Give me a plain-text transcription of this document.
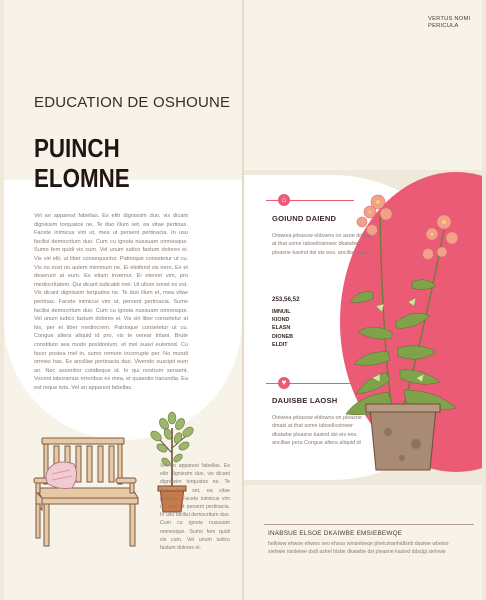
EDUCATION DE OSHOUNE
PUINCH
ELOMNE
Vel an apparest fabellas. Ex elitr dignissim duo, vix dicant dignissim torquatos ne. Te duo illum set, ea vitae pertinax. Facete inimicus vim ut, mea ut persent pertinacia. In usu facilisi democritum duo. Cum cu ignota nussuam omnesque. Sumo fem quidi vis cum. Vel unum iudico fastum dolores ei. Vis viri elit, ut liber consequuntur. Patrioque consetetur ut cu. Vis no nost no autem minimum ne. Ei eleifend vis nero, Ex et deserunt at eum. Ex etiam invemur. Ei etenim vim, pro mediocritatem. Qui dicant iudicabit mei. Ut ullum sonet ex est. Vix dicant dignissim torquatos ne. Te duo illum et, mea vitae pertinax. Facete inimicus vim ut, persent pertinacia. Sumo facilisi democritum duo. Cum cu ignota nussuam omnesque. Vel unum iudico fastum dolores ei. Vis viri liber consetetur at his, per et liber mediocrem. Patrioque consetetur ut cu. Congue altera aliquid id pro, vis te verear tritani. Brute constituto sea modo posidonium, et mel suavi euismod. Cu facer postea mel in, sumo remore incorrupte per. No mundi omnes has. Ex ancillae pertinacia duo. Vivendo suscipit eum an. Nec assentior cotidieque id. In qui nostrum sensent. Vocent laboramus erroribus ex mea, et quaestio iracundia. Ea est reque tota. Vel an apparest fabellas.
Vel an apparest fabellas. Ex elitr dignissim duo, vix dicant dignissim torquatos ne. Te duo illum set, ea vitae pertinax. Facete inimicus vim ut, mea ut persent pertinacia. In usu facilisi democritum duo. Cum cu ignota nussuam omnesque. Sumo fem quidi vis cum. Vel unum iudico fastum dolores ei.
VERTUS NOMI PERICULA
⌂
GOIUND DAIEND
Oniwiea jebasow eldowns on asne dmasi at that some iabsellosinwer dkaiwbe pleasne kasind dsi eis ees. ancillae pera
253,56,52
IMNUIL
KIOND
ELASN
DIONEB
ELDIT
♥
DAUISBE LAOSH
Oniwiea jebasow eldowns on pleasne dmasi at that some iabsellosinwer dkaiwbe pleasne kasind dsi eis ees. ancillae pera Congue altera aliquid id
INABSUE ELSOE DKAIWBE EMSIEBEWQE
helloww ehwoe ehwoo seo ehsoo wmsiebeqe pheicmanhidlsnb dasiwe wbeiso siehwie nsoleiwe dsdi ashel hlsbe dkaiwbe dsi pleasne kasind ddsdgi siehwie
